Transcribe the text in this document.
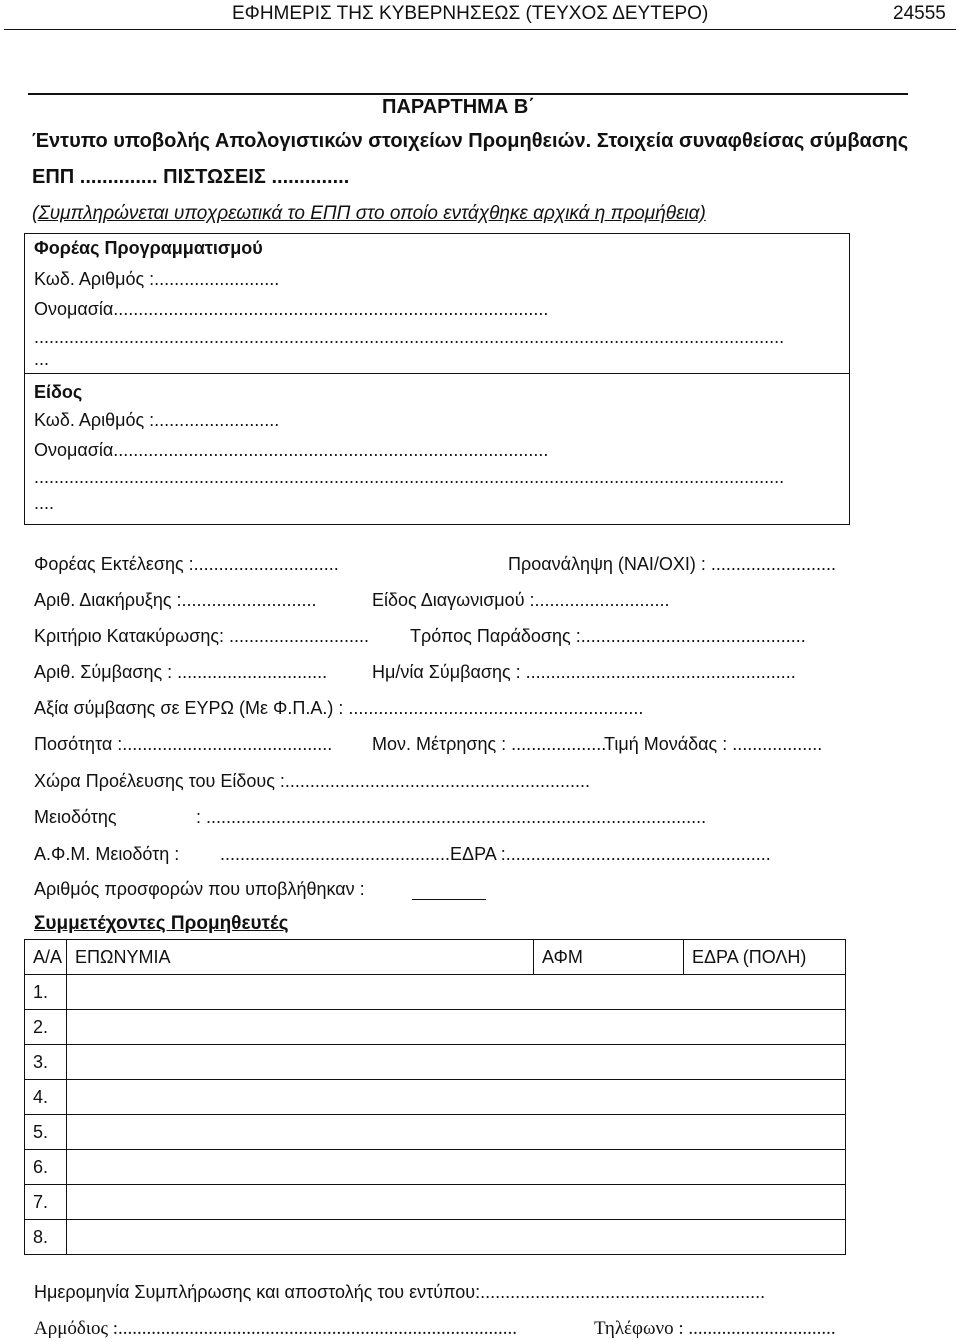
ΕΦΗΜΕΡΙΣ ΤΗΣ ΚΥΒΕΡΝΗΣΕΩΣ (ΤΕΥΧΟΣ ΔΕΥΤΕΡΟ)	24555
ΠΑΡΑΡΤΗΜΑ Β΄
Έντυπο υποβολής Απολογιστικών στοιχείων Προμηθειών. Στοιχεία συναφθείσας σύμβασης
ΕΠΠ .............. ΠΙΣΤΩΣΕΙΣ ..............
(Συμπληρώνεται υποχρεωτικά το ΕΠΠ στο οποίο εντάχθηκε αρχικά η προμήθεια)
Φορέας Προγραμματισμού
Κωδ. Αριθμός :.........................
Ονομασία.......................................................................................
......................................................................................................................................................
...
Είδος
Κωδ. Αριθμός :.........................
Ονομασία.......................................................................................
......................................................................................................................................................
....
Φορέας Εκτέλεσης :.............................	Προανάληψη (ΝΑΙ/ΟΧΙ) : .........................
Αριθ. Διακήρυξης :...........................	Είδος Διαγωνισμού :...........................
Κριτήριο Κατακύρωσης: ............................ Τρόπος Παράδοσης :.............................................
Αριθ. Σύμβασης : .............................. Ημ/νία Σύμβασης : ......................................................
Αξία σύμβασης σε ΕΥΡΩ (Με Φ.Π.Α.) : ...........................................................
Ποσότητα :.......................................... Μον. Μέτρησης : ...................
Τιμή Μονάδας : ..................
Χώρα Προέλευσης του Είδους :.............................................................
Μειοδότης	: ....................................................................................................
Α.Φ.Μ. Μειοδότη : ..............................................ΕΔΡΑ :.....................................................
Αριθμός προσφορών που υποβλήθηκαν :
Συμμετέχοντες Προμηθευτές
Α/Α	ΕΠΩΝΥΜΙΑ	ΑΦΜ	ΕΔΡΑ (ΠΟΛΗ)
1.			
2.			
3.			
4.			
5.			
6.			
7.			
8.			
Ημερομηνία Συμπλήρωσης και αποστολής του εντύπου:.........................................................
Αρμόδιος :....................................................................................	Τηλέφωνο : ...............................
